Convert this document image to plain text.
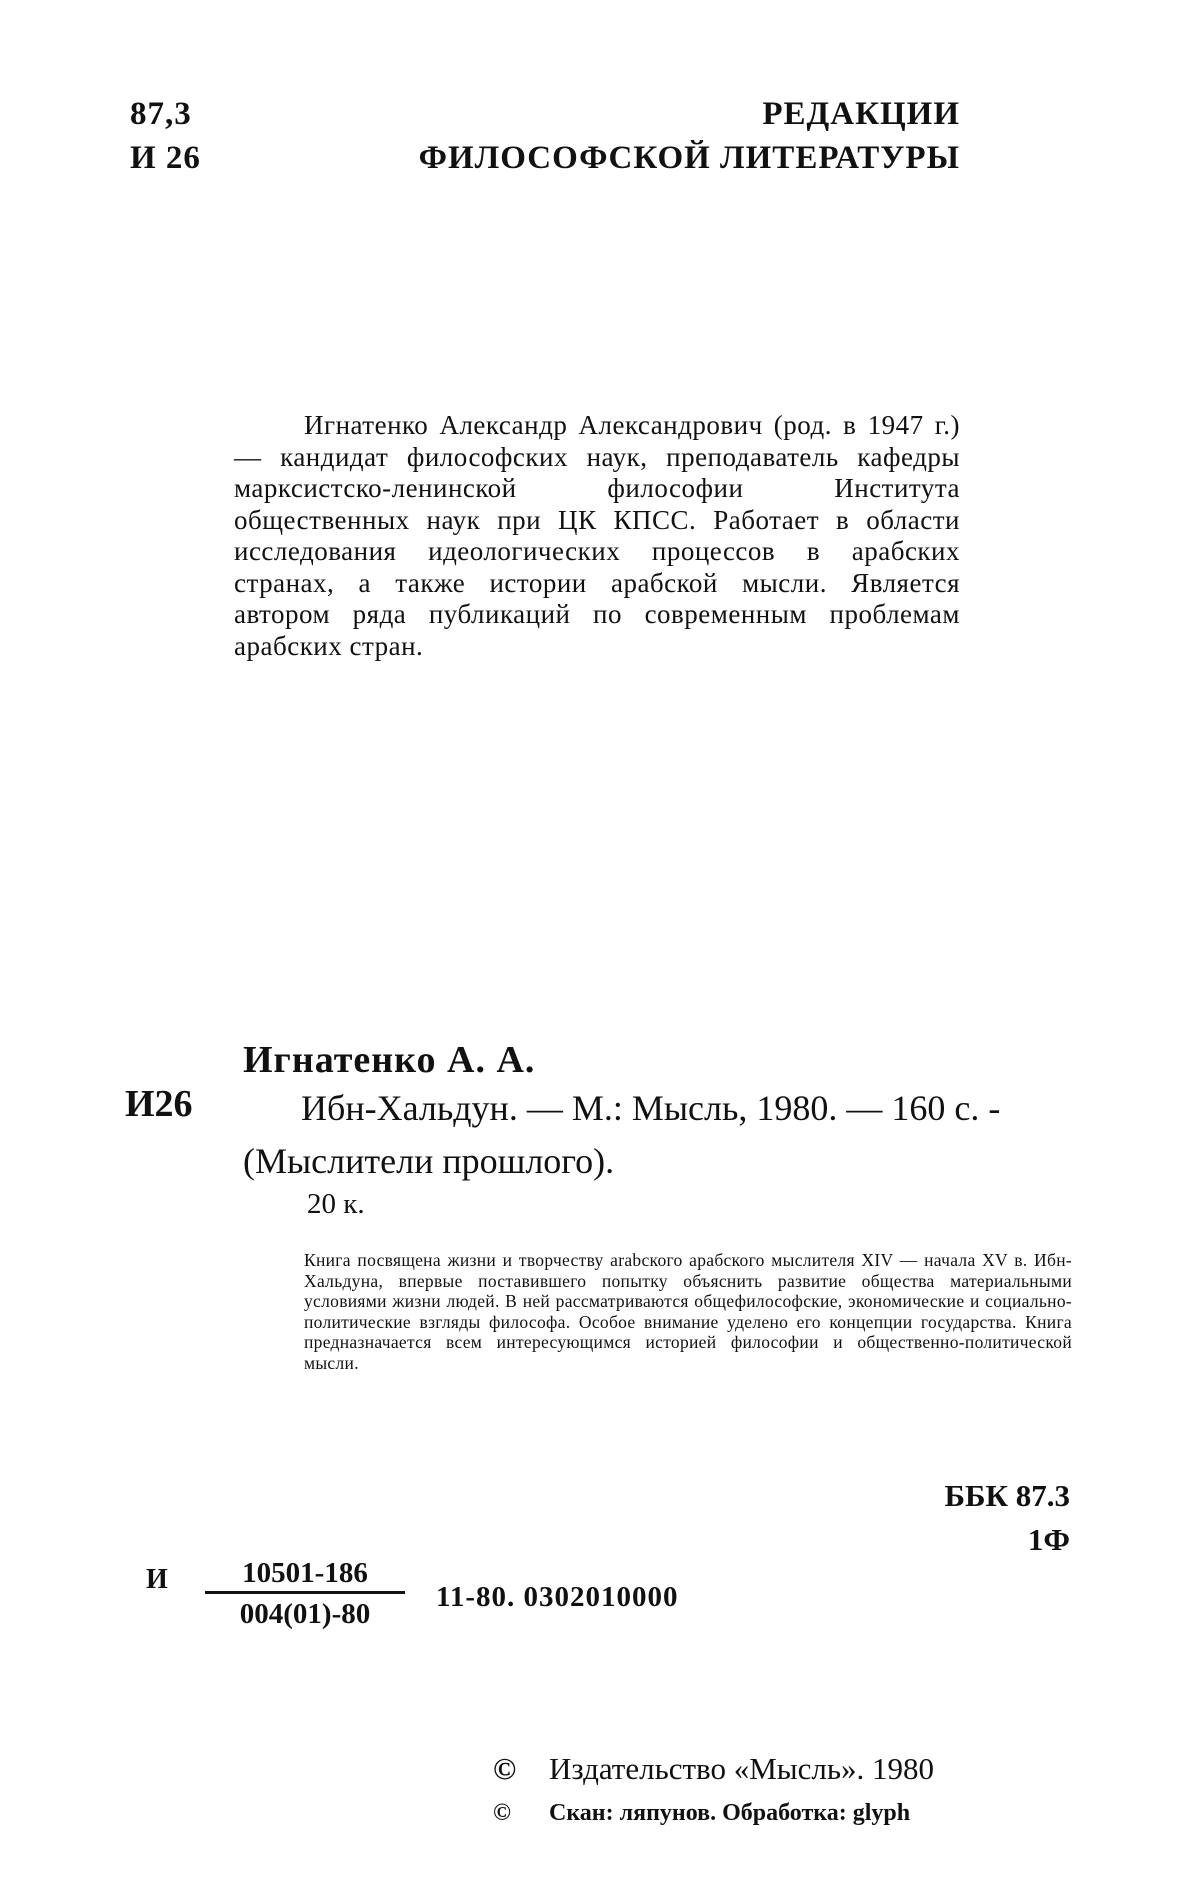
87,3
И 26
РЕДАКЦИИ
ФИЛОСОФСКОЙ ЛИТЕРАТУРЫ

Игнатенко Александр Александрович (род. в 1947 г.) — кандидат философских наук, преподаватель кафедры марксистско-ленинской философии Института общественных наук при ЦК КПСС. Работает в области исследования идеологических процессов в арабских странах, а также истории арабской мысли. Является автором ряда публикаций по современным проблемам арабских стран.

Игнатенко А. А.
И26	Ибн-Хальдун. — М.: Мысль, 1980. — 160 с. - (Мыслители прошлого).
20 к.

Книга посвящена жизни и творчеству arabского арабского мыслителя XIV — начала XV в. Ибн-Хальдуна, впервые поставившего попытку объяснить развитие общества материальными условиями жизни людей. В ней рассматриваются общефилософские, экономические и социально-политические взгляды философа. Особое внимание уделено его концепции государства. Книга предназначается всем интересующимся историей философии и общественно-политической мысли.

ББК 87.3
1Ф
И $\frac{10501-186}{004(01)-80} 11-80$. 0302010000
© Издательство «Мысль». 1980
© Скан: ляпунов. Обработка: glyph
